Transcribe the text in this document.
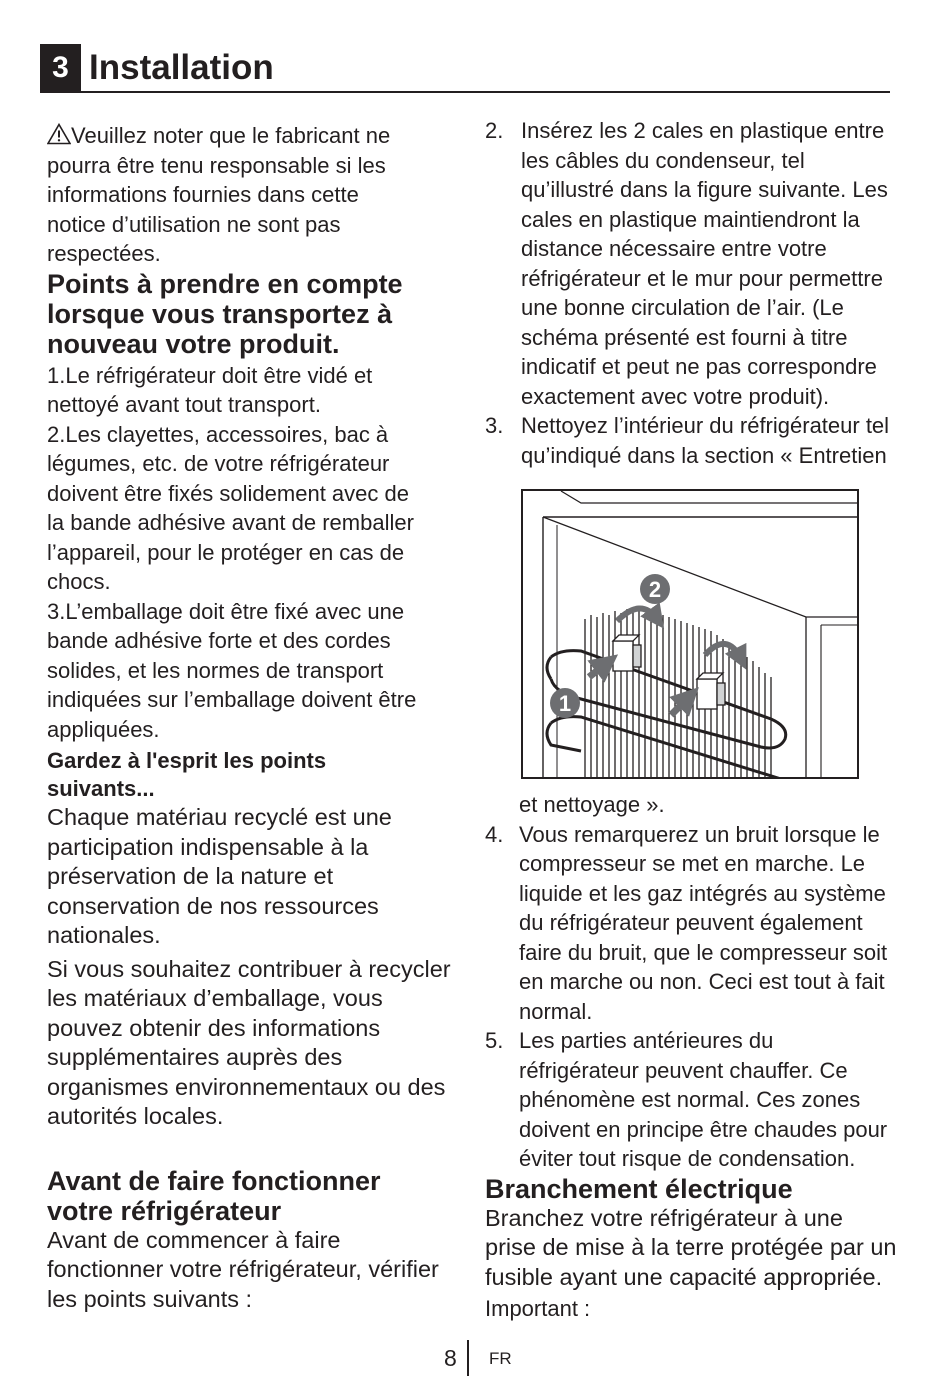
3 Installation

Veuillez noter que le fabricant ne pourra être tenu responsable si les informations fournies dans cette notice d’utilisation ne sont pas respectées.

Points à prendre en compte lorsque vous transportez à nouveau votre produit.

1.Le réfrigérateur doit être vidé et nettoyé avant tout transport.

2.Les clayettes, accessoires, bac à légumes, etc. de votre réfrigérateur doivent être fixés solidement avec de la bande adhésive avant de remballer l’appareil, pour le protéger en cas de chocs.

3.L’emballage doit être fixé avec une bande adhésive forte et des cordes solides, et les normes de transport indiquées sur l’emballage doivent être appliquées.

Gardez à l'esprit les points suivants...

Chaque matériau recyclé est une participation indispensable à la préservation de la nature et conservation de nos ressources nationales.

Si vous souhaitez contribuer à recycler les matériaux d’emballage, vous pouvez obtenir des informations supplémentaires auprès des organismes environnementaux ou des autorités locales.

Avant de faire fonctionner votre réfrigérateur

Avant de commencer à faire fonctionner votre réfrigérateur, vérifier les points suivants :

2. Insérez les 2 cales en plastique entre les câbles du condenseur, tel qu’illustré dans la figure suivante. Les cales en plastique maintiendront la distance nécessaire entre votre réfrigérateur et le mur pour permettre une bonne circulation de l’air. (Le schéma présenté est fourni à titre indicatif et peut ne pas correspondre exactement avec votre produit).
3. Nettoyez l’intérieur du réfrigérateur tel qu’indiqué dans la section « Entretien
2
1

et nettoyage ».

4. Vous remarquerez un bruit lorsque le compresseur se met en marche. Le liquide et les gaz intégrés au système du réfrigérateur peuvent également faire du bruit, que le compresseur soit en marche ou non. Ceci est tout à fait normal.
5. Les parties antérieures du réfrigérateur peuvent chauffer. Ce phénomène est normal. Ces zones doivent en principe être chaudes pour éviter tout risque de condensation.
Branchement électrique

Branchez votre réfrigérateur à une prise de mise à la terre protégée par un fusible ayant une capacité appropriée.

Important :

8 FR
